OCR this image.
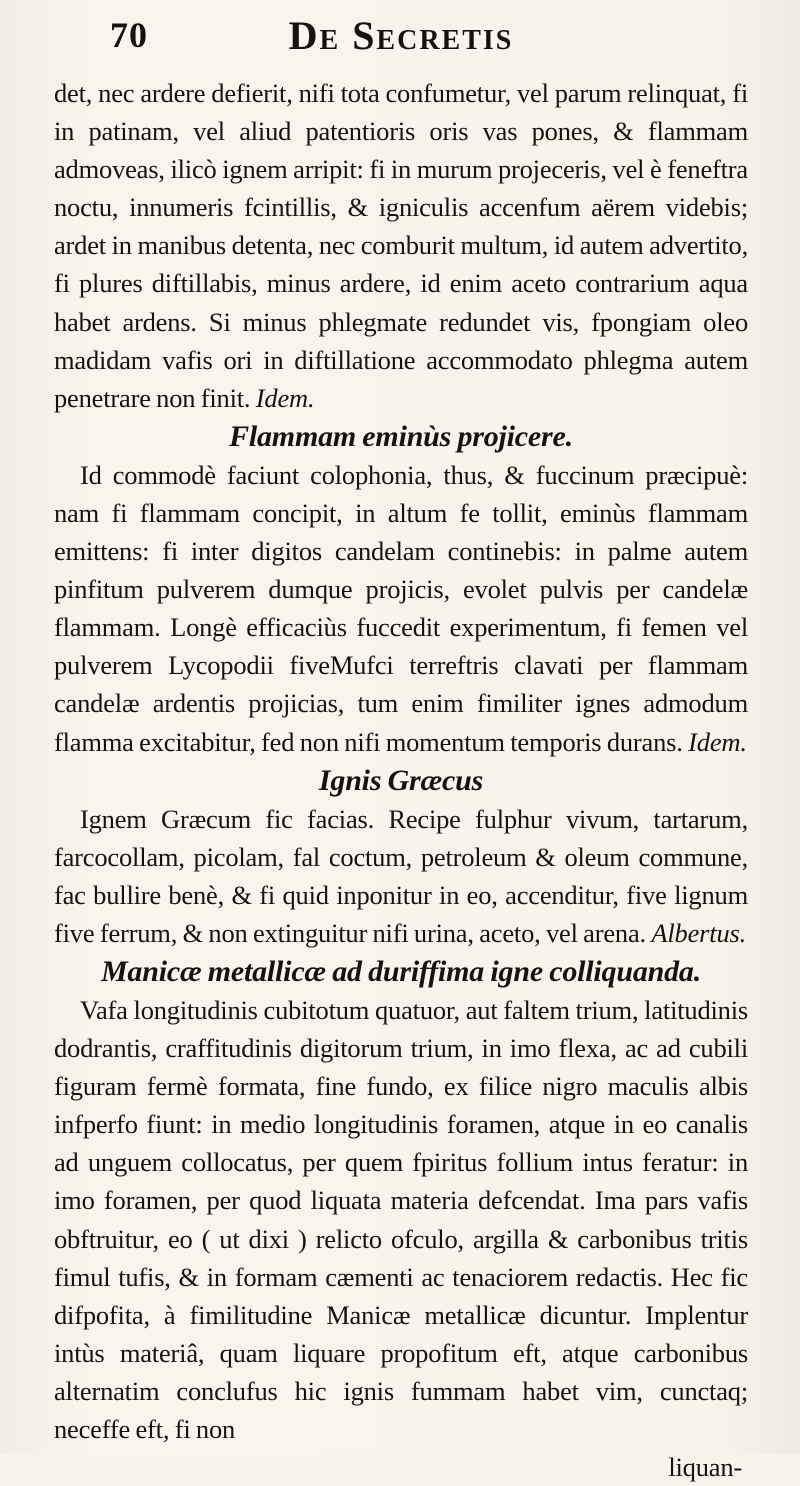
70	De Secretis

det, nec ardere defierit, nifi tota confumetur, vel parum relinquat, fi in patinam, vel aliud patentioris oris vas pones, & flammam admoveas, ilicò ignem arripit: fi in murum projeceris, vel è feneftra noctu, innumeris fcintillis, & igniculis accenfum aërem videbis; ardet in manibus detenta, nec comburit multum, id autem advertito, fi plures diftillabis, minus ardere, id enim aceto contrarium aqua habet ardens. Si minus phlegmate redundet vis, fpongiam oleo madidam vafis ori in diftillatione accommodato phlegma autem penetrare non finit. Idem.

Flammam eminùs projicere.

Id commodè faciunt colophonia, thus, & fuccinum præcipuè: nam fi flammam concipit, in altum fe tollit, eminùs flammam emittens: fi inter digitos candelam continebis: in palme autem pinfitum pulverem dumque projicis, evolet pulvis per candelæ flammam. Longè efficaciùs fuccedit experimentum, fi femen vel pulverem Lycopodii fiveMufci terreftris clavati per flammam candelæ ardentis projicias, tum enim fimiliter ignes admodum flamma excitabitur, fed non nifi momentum temporis durans. Idem.

Ignis Græcus

Ignem Græcum fic facias. Recipe fulphur vivum, tartarum, farcocollam, picolam, fal coctum, petroleum & oleum commune, fac bullire benè, & fi quid inponitur in eo, accenditur, five lignum five ferrum, & non extinguitur nifi urina, aceto, vel arena. Albertus.

Manicæ metallicæ ad duriffima igne colliquanda.

Vafa longitudinis cubitotum quatuor, aut faltem trium, latitudinis dodrantis, craffitudinis digitorum trium, in imo flexa, ac ad cubili figuram fermè formata, fine fundo, ex filice nigro maculis albis infperfo fiunt: in medio longitudinis foramen, atque in eo canalis ad unguem collocatus, per quem fpiritus follium intus feratur: in imo foramen, per quod liquata materia defcendat. Ima pars vafis obftruitur, eo ( ut dixi ) relicto ofculo, argilla & carbonibus tritis fimul tufis, & in formam cæmenti ac tenaciorem redactis. Hec fic difpofita, à fimilitudine Manicæ metallicæ dicuntur. Implentur intùs materiâ, quam liquare propofitum eft, atque carbonibus alternatim conclufus hic ignis fummam habet vim, cunctaq; neceffe eft, fi non

liquan-
